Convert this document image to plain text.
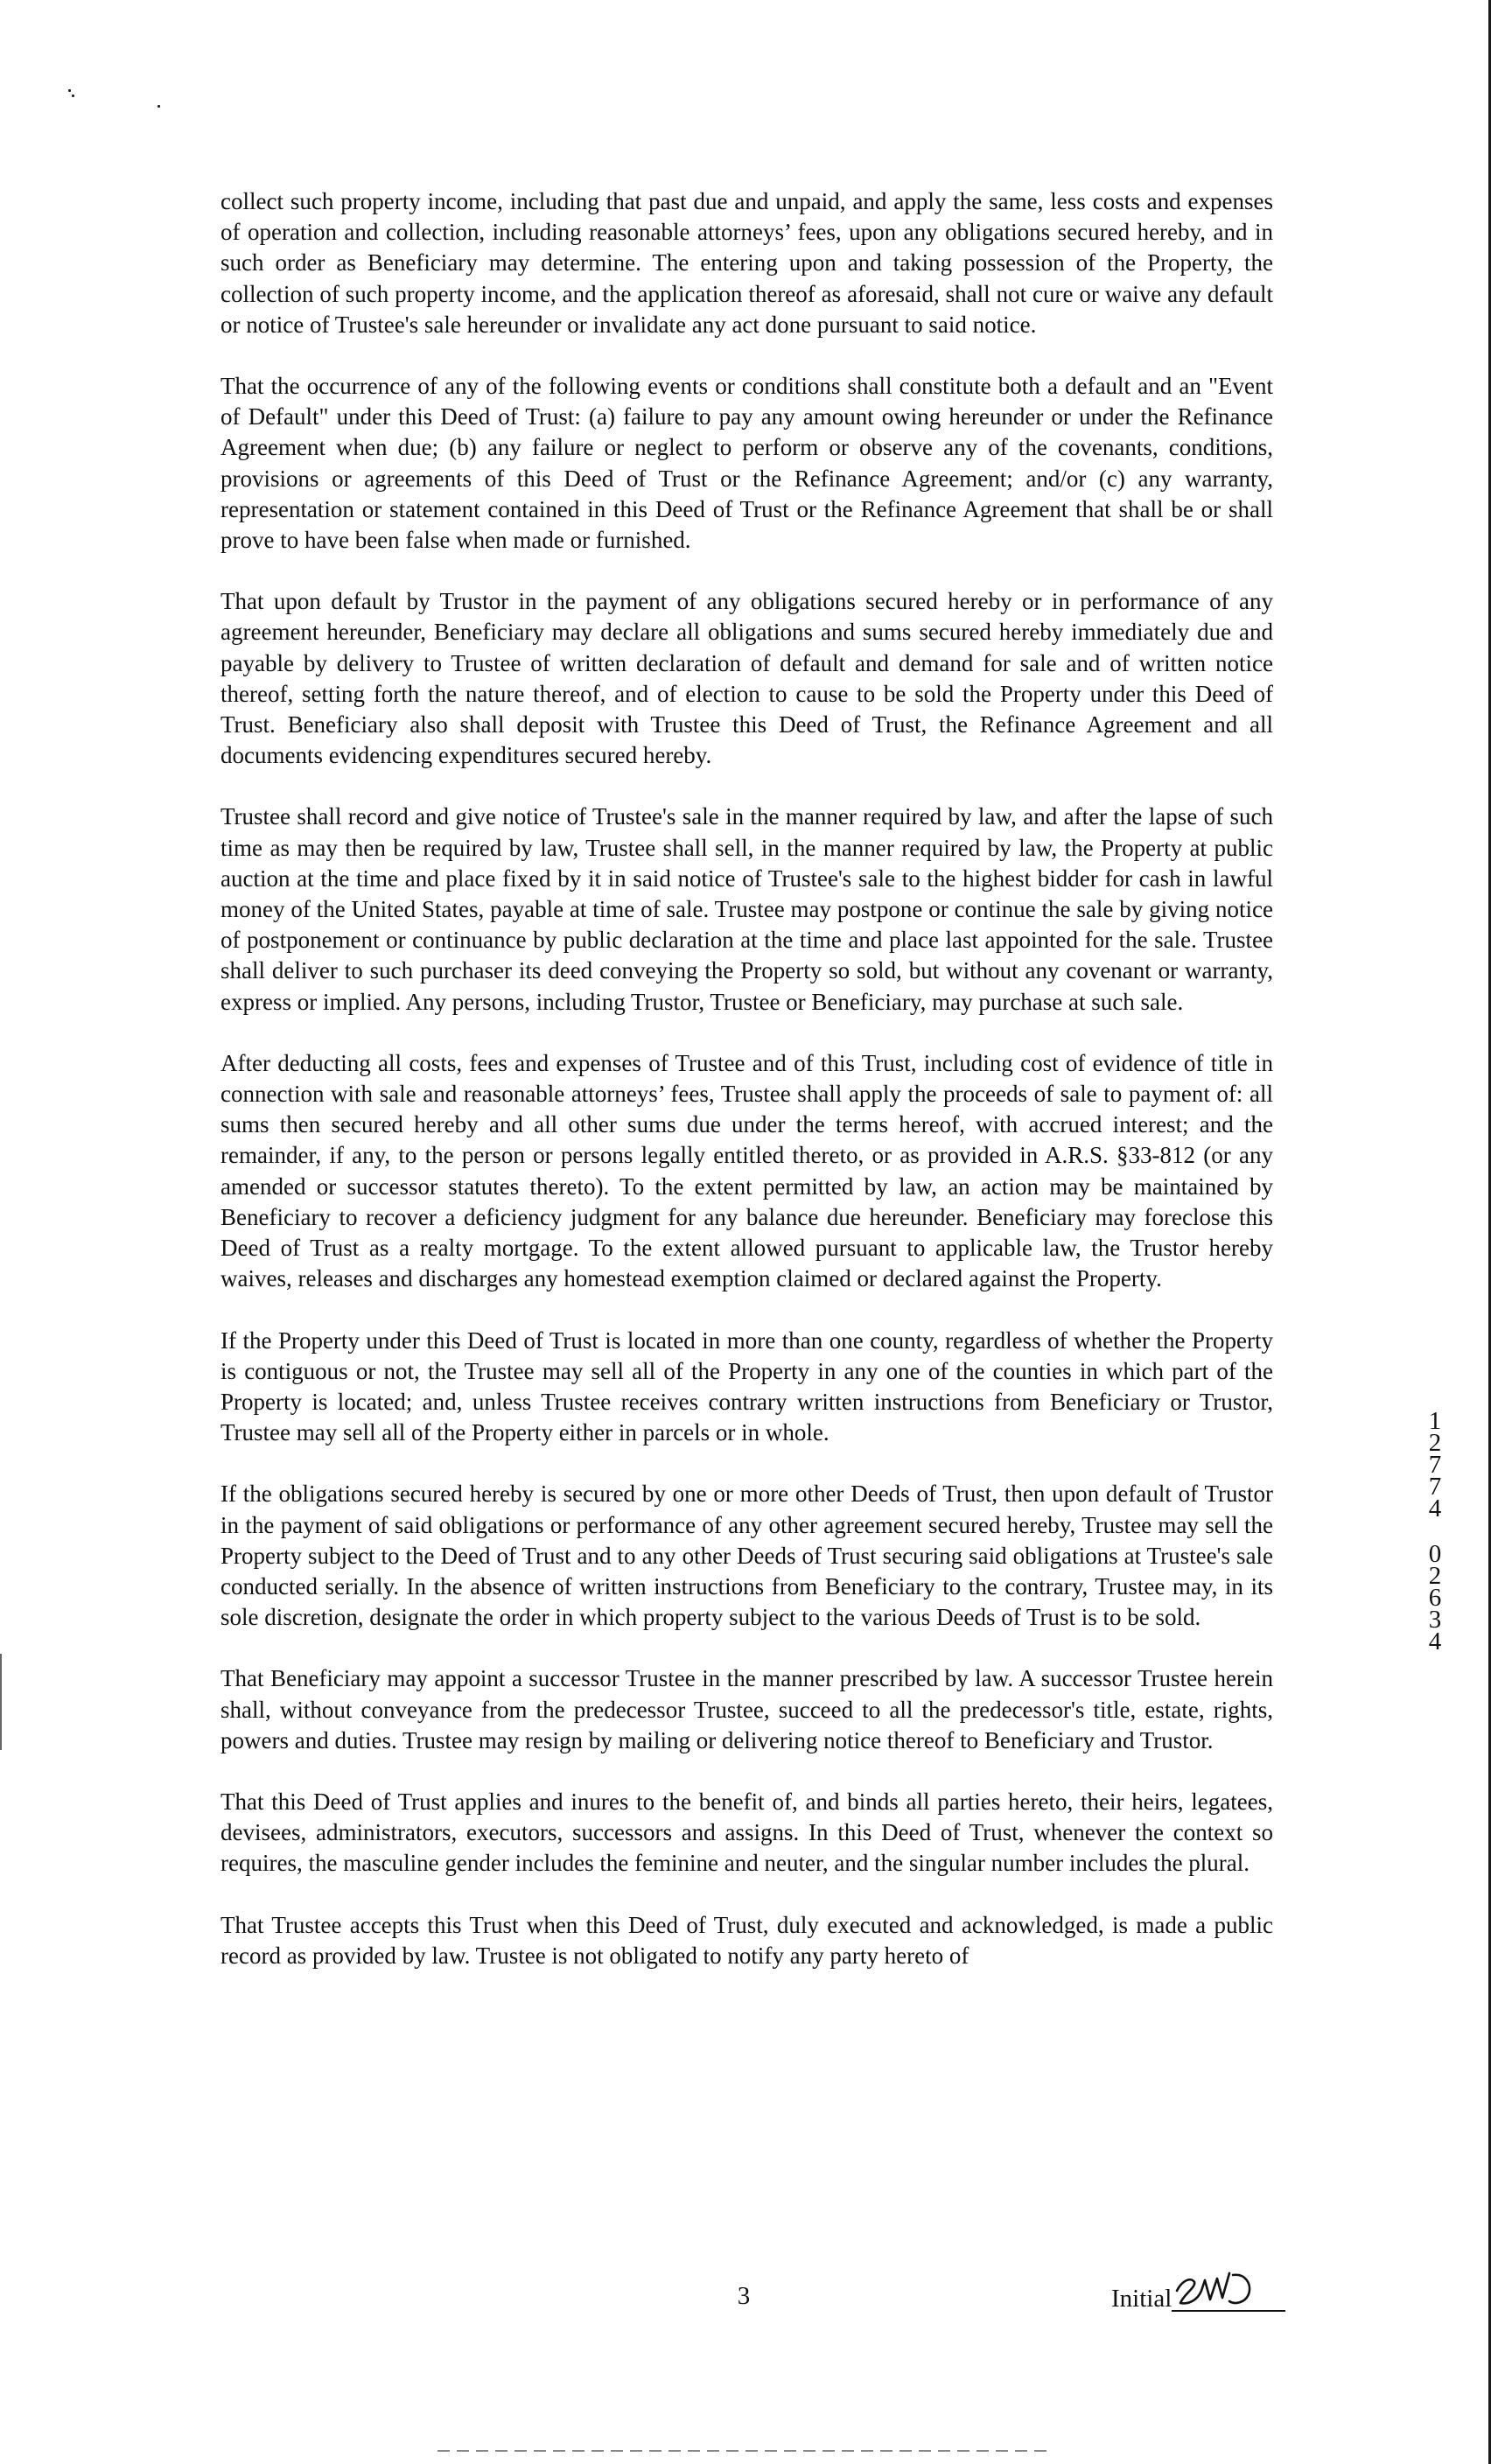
collect such property income, including that past due and unpaid, and apply the same, less costs and expenses of operation and collection, including reasonable attorneys’ fees, upon any obligations secured hereby, and in such order as Beneficiary may determine. The entering upon and taking possession of the Property, the collection of such property income, and the application thereof as aforesaid, shall not cure or waive any default or notice of Trustee's sale hereunder or invalidate any act done pursuant to said notice.

That the occurrence of any of the following events or conditions shall constitute both a default and an "Event of Default" under this Deed of Trust: (a) failure to pay any amount owing hereunder or under the Refinance Agreement when due; (b) any failure or neglect to perform or observe any of the covenants, conditions, provisions or agreements of this Deed of Trust or the Refinance Agreement; and/or (c) any warranty, representation or statement contained in this Deed of Trust or the Refinance Agreement that shall be or shall prove to have been false when made or furnished.

That upon default by Trustor in the payment of any obligations secured hereby or in performance of any agreement hereunder, Beneficiary may declare all obligations and sums secured hereby immediately due and payable by delivery to Trustee of written declaration of default and demand for sale and of written notice thereof, setting forth the nature thereof, and of election to cause to be sold the Property under this Deed of Trust. Beneficiary also shall deposit with Trustee this Deed of Trust, the Refinance Agreement and all documents evidencing expenditures secured hereby.

Trustee shall record and give notice of Trustee's sale in the manner required by law, and after the lapse of such time as may then be required by law, Trustee shall sell, in the manner required by law, the Property at public auction at the time and place fixed by it in said notice of Trustee's sale to the highest bidder for cash in lawful money of the United States, payable at time of sale. Trustee may postpone or continue the sale by giving notice of postponement or continuance by public declaration at the time and place last appointed for the sale. Trustee shall deliver to such purchaser its deed conveying the Property so sold, but without any covenant or warranty, express or implied. Any persons, including Trustor, Trustee or Beneficiary, may purchase at such sale.

After deducting all costs, fees and expenses of Trustee and of this Trust, including cost of evidence of title in connection with sale and reasonable attorneys’ fees, Trustee shall apply the proceeds of sale to payment of: all sums then secured hereby and all other sums due under the terms hereof, with accrued interest; and the remainder, if any, to the person or persons legally entitled thereto, or as provided in A.R.S. §33-812 (or any amended or successor statutes thereto). To the extent permitted by law, an action may be maintained by Beneficiary to recover a deficiency judgment for any balance due hereunder. Beneficiary may foreclose this Deed of Trust as a realty mortgage. To the extent allowed pursuant to applicable law, the Trustor hereby waives, releases and discharges any homestead exemption claimed or declared against the Property.

If the Property under this Deed of Trust is located in more than one county, regardless of whether the Property is contiguous or not, the Trustee may sell all of the Property in any one of the counties in which part of the Property is located; and, unless Trustee receives contrary written instructions from Beneficiary or Trustor, Trustee may sell all of the Property either in parcels or in whole.

If the obligations secured hereby is secured by one or more other Deeds of Trust, then upon default of Trustor in the payment of said obligations or performance of any other agreement secured hereby, Trustee may sell the Property subject to the Deed of Trust and to any other Deeds of Trust securing said obligations at Trustee's sale conducted serially. In the absence of written instructions from Beneficiary to the contrary, Trustee may, in its sole discretion, designate the order in which property subject to the various Deeds of Trust is to be sold.

That Beneficiary may appoint a successor Trustee in the manner prescribed by law. A successor Trustee herein shall, without conveyance from the predecessor Trustee, succeed to all the predecessor's title, estate, rights, powers and duties. Trustee may resign by mailing or delivering notice thereof to Beneficiary and Trustor.

That this Deed of Trust applies and inures to the benefit of, and binds all parties hereto, their heirs, legatees, devisees, administrators, executors, successors and assigns. In this Deed of Trust, whenever the context so requires, the masculine gender includes the feminine and neuter, and the singular number includes the plural.

That Trustee accepts this Trust when this Deed of Trust, duly executed and acknowledged, is made a public record as provided by law. Trustee is not obligated to notify any party hereto of

1
2
7
7
4
0
2
6
3
4
3	Initial
